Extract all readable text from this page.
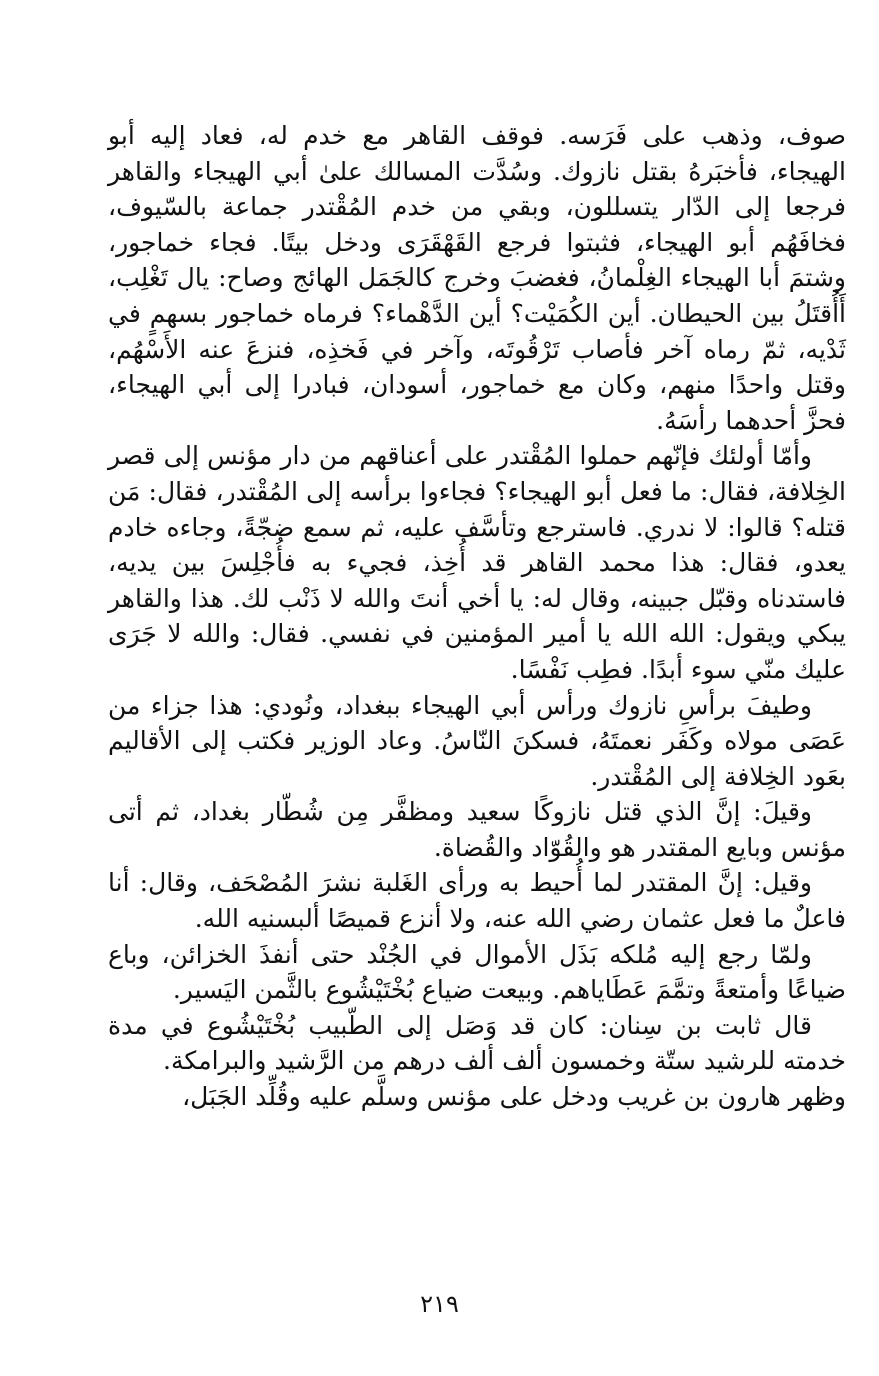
صوف، وذهب على فَرَسه. فوقف القاهر مع خدم له، فعاد إليه أبو الهيجاء، فأخبَرهُ بقتل نازوك. وسُدَّت المسالك علىٰ أبي الهيجاء والقاهر فرجعا إلى الدّار يتسللون، وبقي من خدم المُقْتدر جماعة بالسّيوف، فخافَهُم أبو الهيجاء، فثبتوا فرجع القَهْقَرَى ودخل بيتًا. فجاء خماجور، وشتمَ أبا الهيجاء الغِلْمانُ، فغضبَ وخرج كالجَمَل الهائج وصاح: يال تَغْلِب، أَأُقتَلُ بين الحيطان. أين الكُمَيْت؟ أين الدَّهْماء؟ فرماه خماجور بسهمٍ في ثَدْيه، ثمّ رماه آخر فأصاب تَرْقُوتَه، وآخر في فَخذِه، فنزعَ عنه الأَسْهُم، وقتل واحدًا منهم، وكان مع خماجور، أسودان، فبادرا إلى أبي الهيجاء، فحزَّ أحدهما رأسَهُ.

وأمّا أولئك فإنّهم حملوا المُقْتدر على أعناقهم من دار مؤنس إلى قصر الخِلافة، فقال: ما فعل أبو الهيجاء؟ فجاءوا برأسه إلى المُقْتدر، فقال: مَن قتله؟ قالوا: لا ندري. فاسترجع وتأسَّف عليه، ثم سمع ضجّةً، وجاءه خادم يعدو، فقال: هذا محمد القاهر قد أُخِذ، فجيء به فأُجْلِسَ بين يديه، فاستدناه وقبّل جبينه، وقال له: يا أخي أنتَ والله لا ذَنْب لك. هذا والقاهر يبكي ويقول: الله الله يا أمير المؤمنين في نفسي. فقال: والله لا جَرَى عليك منّي سوء أبدًا. فطِب نَفْسًا.

وطيفَ برأسِ نازوك ورأس أبي الهيجاء ببغداد، ونُودي: هذا جزاء من عَصَى مولاه وكَفَر نعمتَهُ، فسكنَ النّاسُ. وعاد الوزير فكتب إلى الأقاليم بعَود الخِلافة إلى المُقْتدر.

وقيلَ: إنَّ الذي قتل نازوكًا سعيد ومظفَّر مِن شُطّار بغداد، ثم أتى مؤنس وبايع المقتدر هو والقُوّاد والقُضاة.

وقيل: إنَّ المقتدر لما أُحيط به ورأى الغَلبة نشرَ المُصْحَف، وقال: أنا فاعلٌ ما فعل عثمان رضي الله عنه، ولا أنزع قميصًا ألبسنيه الله.

ولمّا رجع إليه مُلكه بَذَل الأموال في الجُنْد حتى أنفذَ الخزائن، وباع ضياعًا وأمتعةً وتمَّمَ عَطَاياهم. وبيعت ضياع بُخْتَيْشُوع بالثَّمن اليَسير.

قال ثابت بن سِنان: كان قد وَصَل إلى الطّبيب بُخْتَيْشُوع في مدة خدمته للرشيد ستّة وخمسون ألف ألف درهم من الرَّشيد والبرامكة.

وظهر هارون بن غريب ودخل على مؤنس وسلَّم عليه وقُلِّد الجَبَل،

٢١٩
